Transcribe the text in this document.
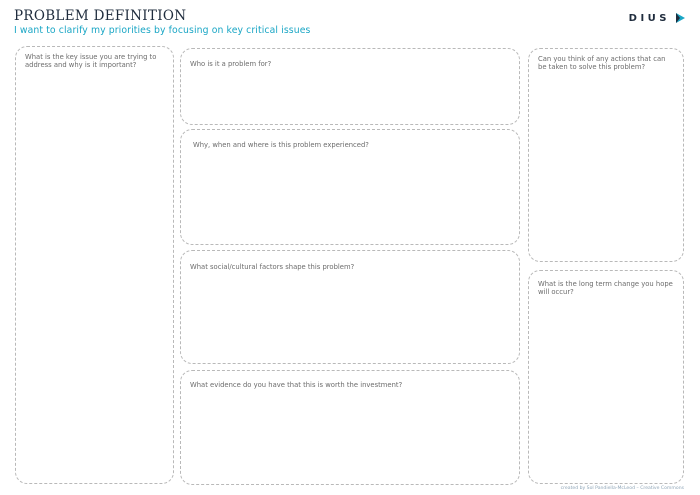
PROBLEM DEFINITION

I want to clarify my priorities by focusing on key critical issues

DIUS
What is the key issue you are trying to address and why is it important?	Who is it a problem for?
Why, when and where is this problem experienced?
What social/cultural factors shape this problem?
What evidence do you have that this is worth the investment?
Can you think of any actions that can be taken to solve this problem?
What is the long term change you hope will occur?
created by Sol Pandiella-McLeod – Creative Commons
